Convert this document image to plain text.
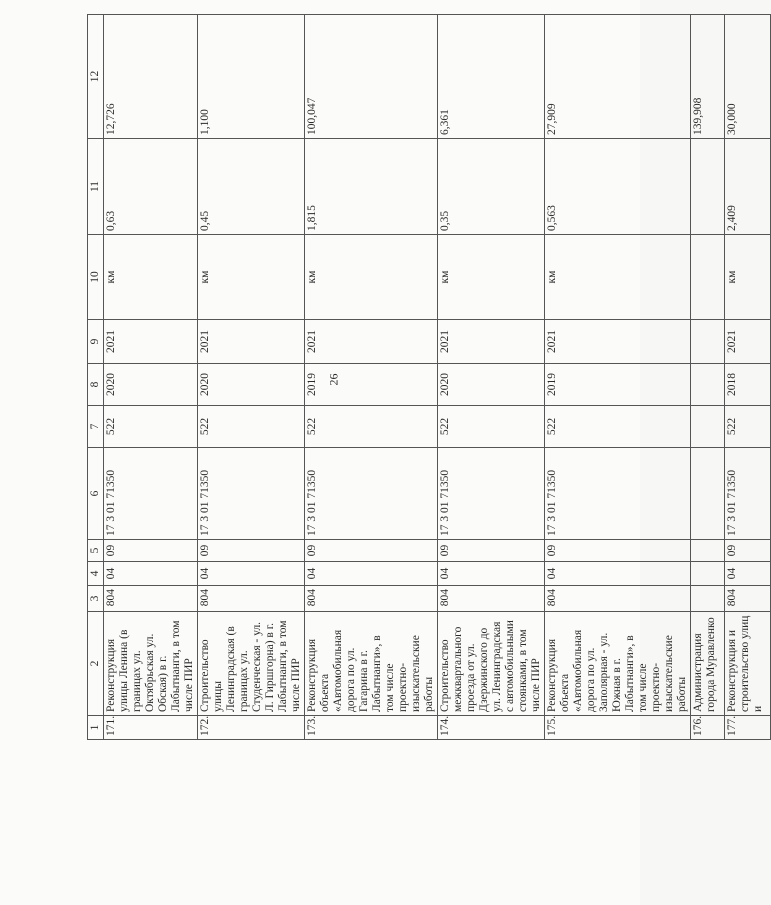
26
1	2	3	4	5	6	7	8	9	10	11	12
171.	Реконструкция улицы Ленина (в границах ул. Октябрьская ул. Обская) в г. Лабытнанги, в том числе ПИР	804	04	09	17 3 01 71350	522	2020	2021	км	0,63	12,726
172.	Строительство улицы Ленинградская (в границах ул. Студенческая - ул. Л. Гиршгорна) в г. Лабытнанги, в том числе ПИР	804	04	09	17 3 01 71350	522	2020	2021	км	0,45	1,100
173.	Реконструкция объекта «Автомобильная дорога по ул. Гагарина в г. Лабытнанги», в том числе проектно-изыскательские работы	804	04	09	17 3 01 71350	522	2019	2021	км	1,815	100,047
174.	Строительство межквартального проезда от ул. Дзержинского до ул. Ленинградская с автомобильными стоянками, в том числе ПИР	804	04	09	17 3 01 71350	522	2020	2021	км	0,35	6,361
175.	Реконструкция объекта «Автомобильная дорога по ул. Заполярная - ул. Южная в г. Лабытнанги», в том числе проектно-изыскательские работы	804	04	09	17 3 01 71350	522	2019	2021	км	0,563	27,909
176.	Администрация города Муравленко										139,908
177.	Реконструкция и строительство улиц и	804	04	09	17 3 01 71350	522	2018	2021	км	2,409	30,000
